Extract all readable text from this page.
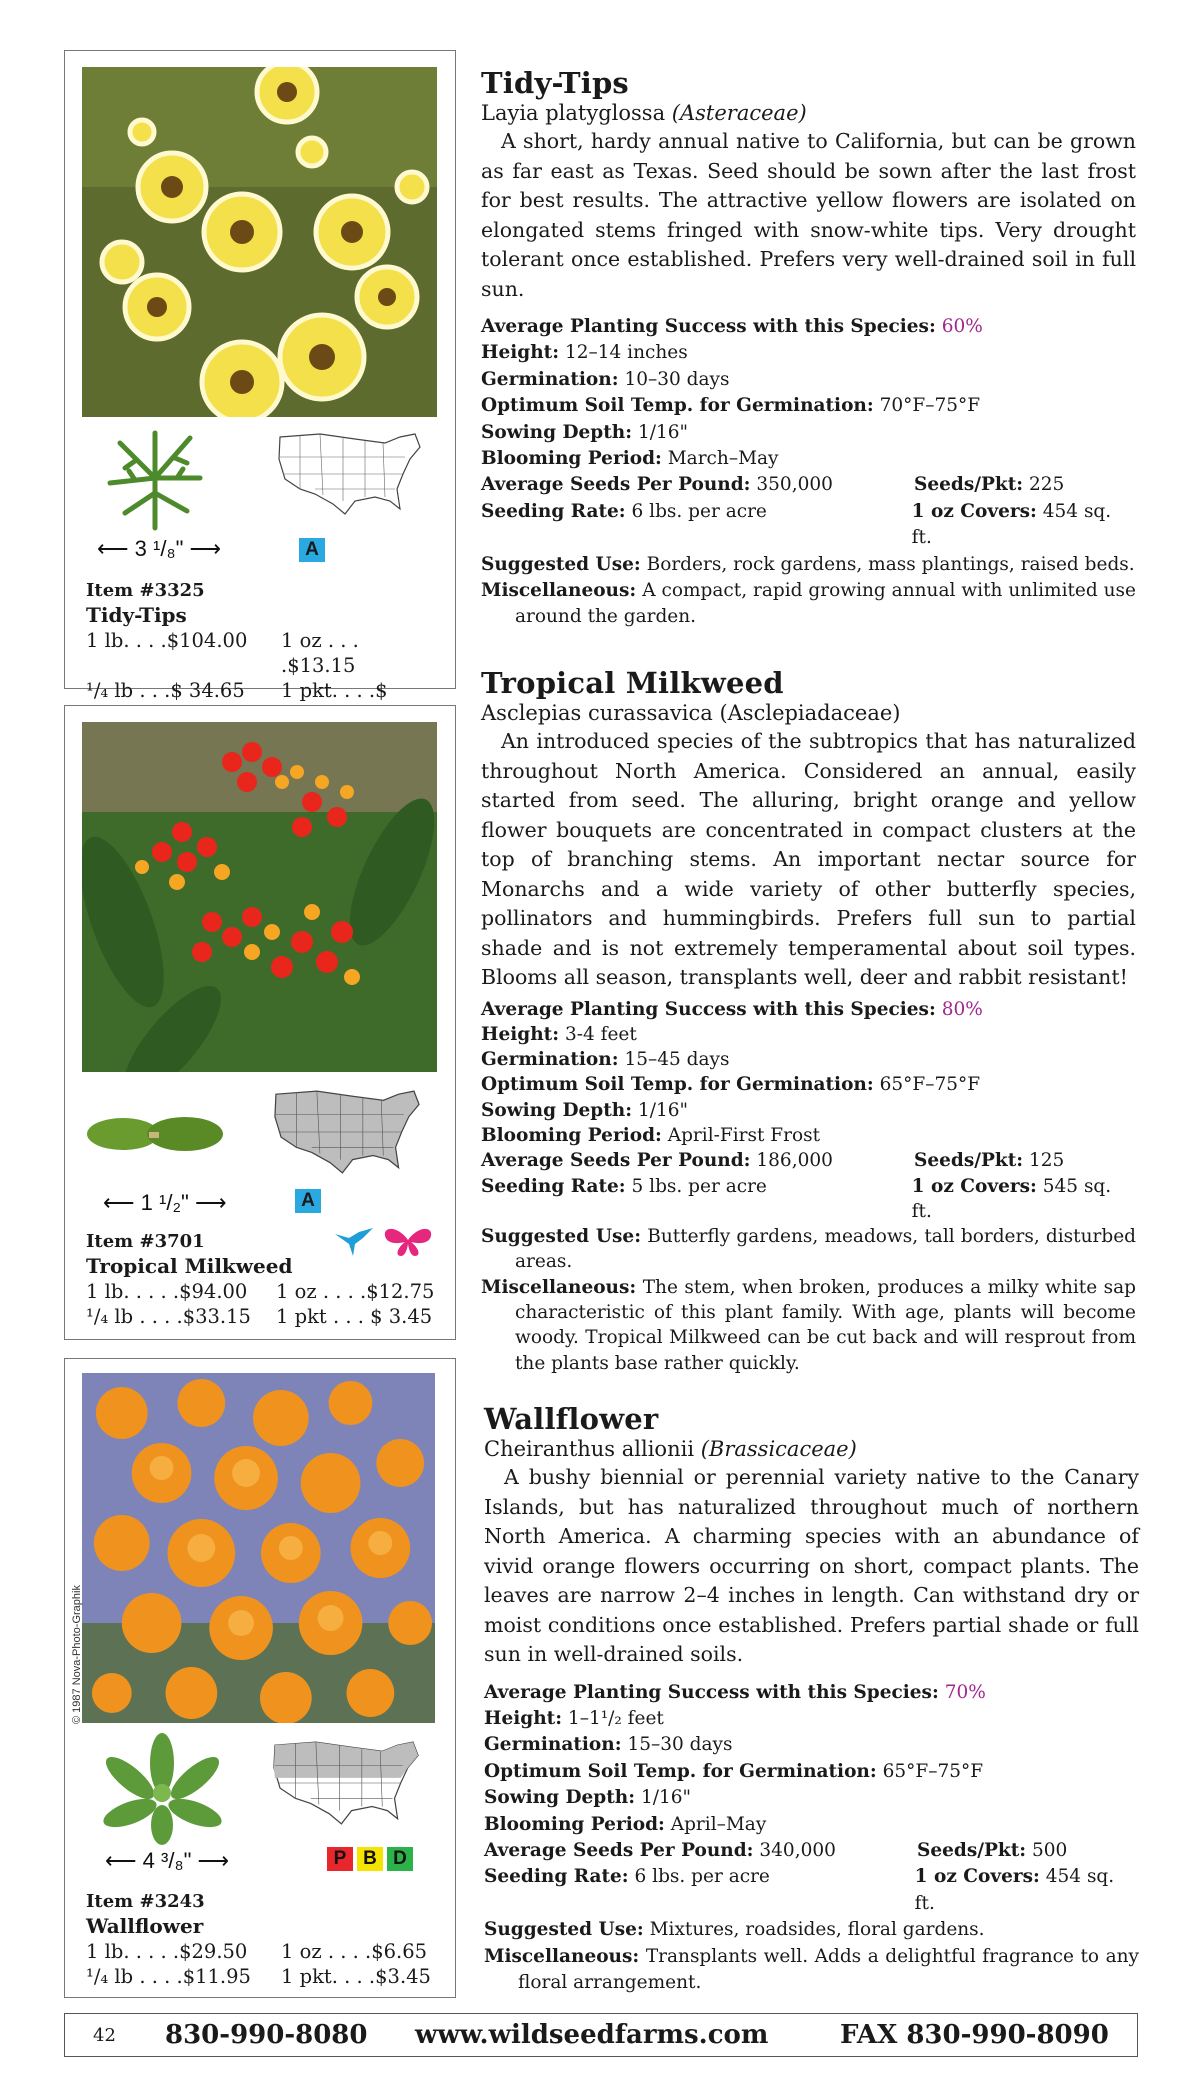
⟵ 3 ¹/₈" ⟶	A
Item #3325
Tidy-Tips
1 lb. . . .$104.00	1 oz . . . .$13.15
¹/₄ lb . . .$ 34.65	1 pkt. . . .$
Tidy-Tips
Layia platyglossa (Asteraceae)

A short, hardy annual native to California, but can be grown as far east as Texas. Seed should be sown after the last frost for best results. The attractive yellow flowers are isolated on elongated stems fringed with snow-white tips. Very drought tolerant once established. Prefers very well-drained soil in full sun.

Average Planting Success with this Species: 60%
Height: 12–14 inches
Germination: 10–30 days
Optimum Soil Temp. for Germination: 70°F–75°F
Sowing Depth: 1/16"
Blooming Period: March–May
Average Seeds Per Pound: 350,000	Seeds/Pkt: 225
Seeding Rate: 6 lbs. per acre	1 oz Covers: 454 sq. ft.
Suggested Use: Borders, rock gardens, mass plantings, raised beds.
Miscellaneous: A compact, rapid growing annual with unlimited use around the garden.
⟵ 1 ¹/₂" ⟶	A
Item #3701
Tropical Milkweed
1 lb. . . . .$94.00	1 oz . . . .$12.75
¹/₄ lb . . . .$33.15	1 pkt . . . $ 3.45
Tropical Milkweed
Asclepias curassavica (Asclepiadaceae)

An introduced species of the subtropics that has naturalized throughout North America. Considered an annual, easily started from seed. The alluring, bright orange and yellow flower bouquets are concentrated in compact clusters at the top of branching stems. An important nectar source for Monarchs and a wide variety of other butterfly species, pollinators and hummingbirds. Prefers full sun to partial shade and is not extremely temperamental about soil types. Blooms all season, transplants well, deer and rabbit resistant!

Average Planting Success with this Species: 80%
Height: 3-4 feet
Germination: 15–45 days
Optimum Soil Temp. for Germination: 65°F–75°F
Sowing Depth: 1/16"
Blooming Period: April-First Frost
Average Seeds Per Pound: 186,000	Seeds/Pkt: 125
Seeding Rate: 5 lbs. per acre	1 oz Covers: 545 sq. ft.
Suggested Use: Butterfly gardens, meadows, tall borders, disturbed areas.
Miscellaneous: The stem, when broken, produces a milky white sap characteristic of this plant family. With age, plants will become woody. Tropical Milkweed can be cut back and will resprout from the plants base rather quickly.
© 1987 Nova-Photo-Graphik
⟵ 4 ³/₈" ⟶	P B D
Item #3243
Wallflower
1 lb. . . . .$29.50	1 oz . . . .$6.65
¹/₄ lb . . . .$11.95	1 pkt. . . .$3.45
Wallflower
Cheiranthus allionii (Brassicaceae)

A bushy biennial or perennial variety native to the Canary Islands, but has naturalized throughout much of northern North America. A charming species with an abundance of vivid orange flowers occurring on short, compact plants. The leaves are narrow 2–4 inches in length. Can withstand dry or moist conditions once established. Prefers partial shade or full sun in well-drained soils.

Average Planting Success with this Species: 70%
Height: 1–1¹/₂ feet
Germination: 15–30 days
Optimum Soil Temp. for Germination: 65°F–75°F
Sowing Depth: 1/16"
Blooming Period: April–May
Average Seeds Per Pound: 340,000	Seeds/Pkt: 500
Seeding Rate: 6 lbs. per acre	1 oz Covers: 454 sq. ft.
Suggested Use: Mixtures, roadsides, floral gardens.
Miscellaneous: Transplants well. Adds a delightful fragrance to any floral arrangement.
42 830-990-8080 www.wildseedfarms.com	FAX 830-990-8090
